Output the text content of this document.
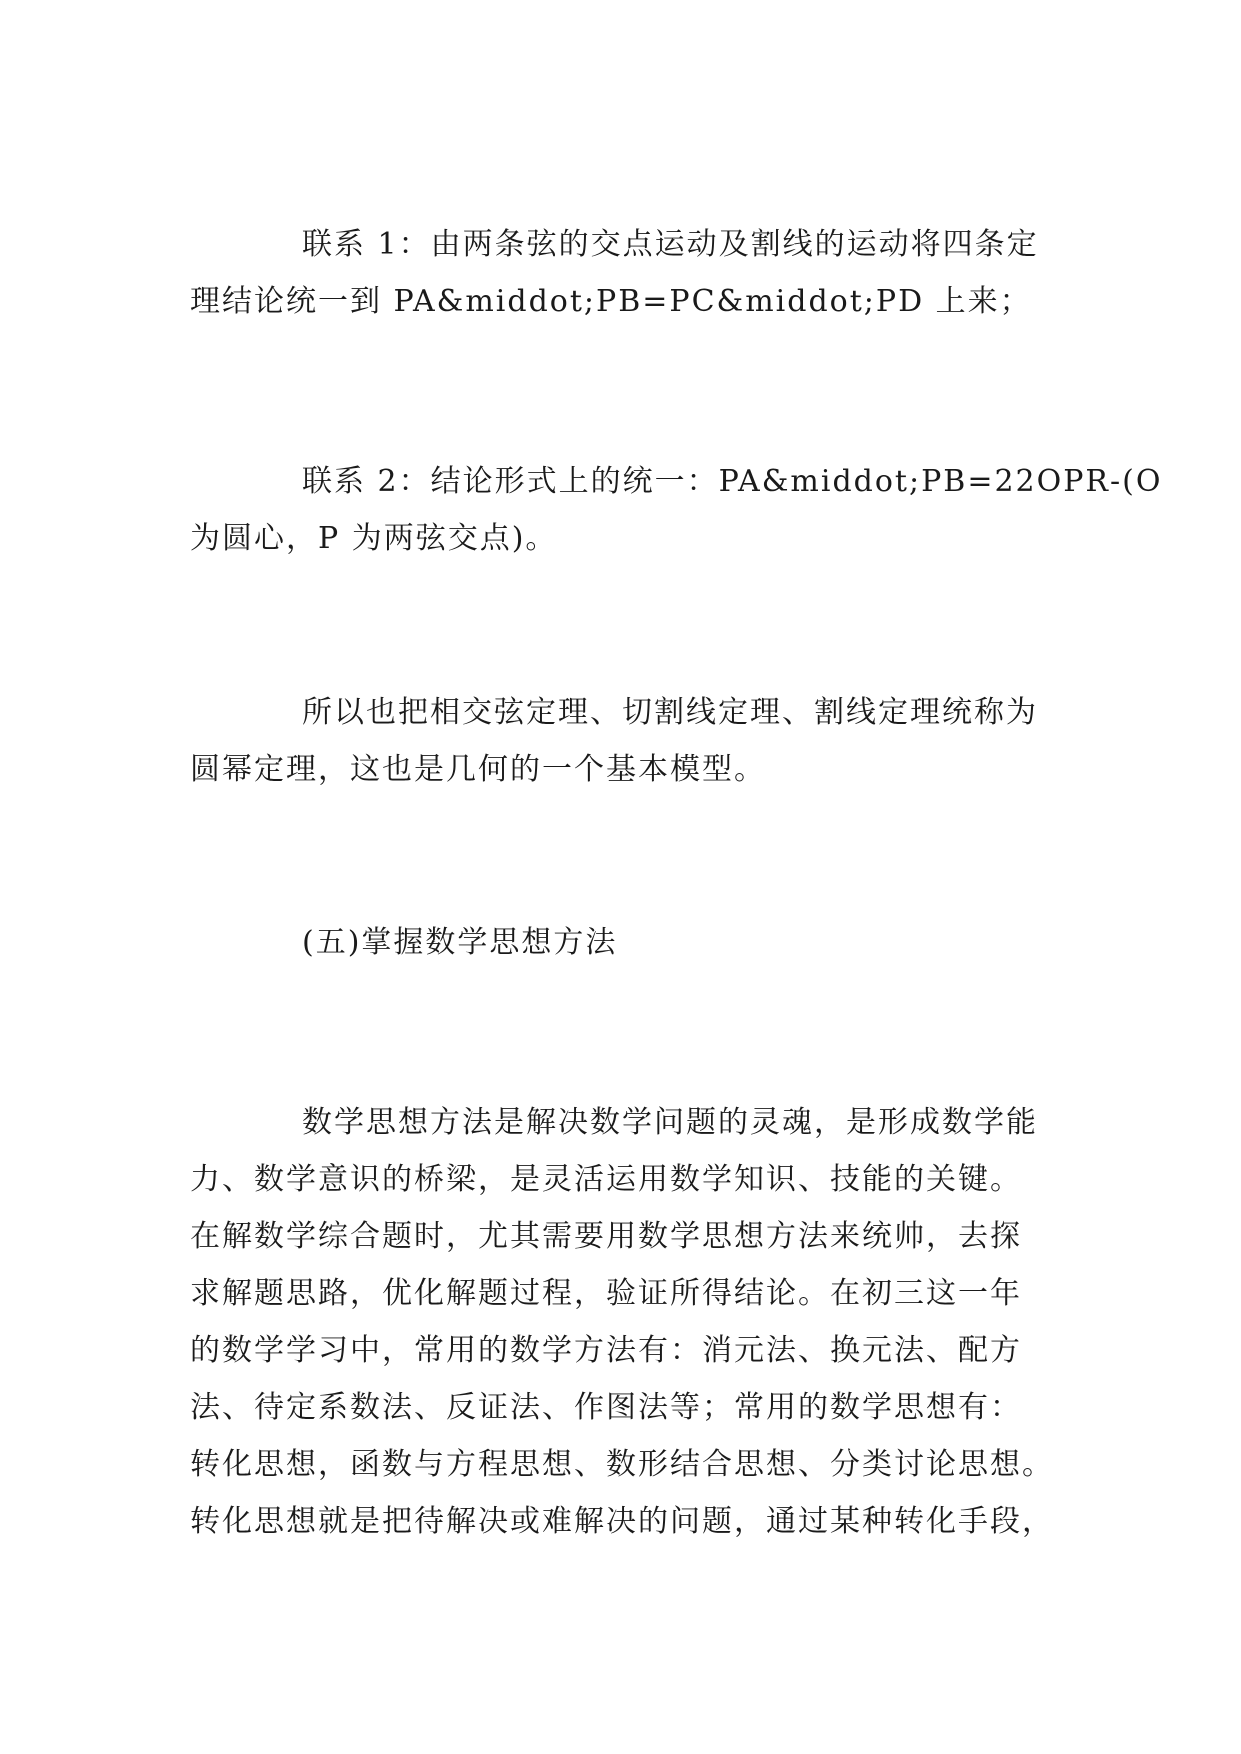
联系 1：由两条弦的交点运动及割线的运动将四条定
理结论统一到 PA&middot;PB=PC&middot;PD 上来；

联系 2：结论形式上的统一：PA&middot;PB=22OPR-(O
为圆心，P 为两弦交点)。

所以也把相交弦定理、切割线定理、割线定理统称为
圆幂定理，这也是几何的一个基本模型。

(五)掌握数学思想方法

数学思想方法是解决数学问题的灵魂，是形成数学能
力、数学意识的桥梁，是灵活运用数学知识、技能的关键。
在解数学综合题时，尤其需要用数学思想方法来统帅，去探
求解题思路，优化解题过程，验证所得结论。在初三这一年
的数学学习中，常用的数学方法有：消元法、换元法、配方
法、待定系数法、反证法、作图法等；常用的数学思想有：
转化思想，函数与方程思想、数形结合思想、分类讨论思想。
转化思想就是把待解决或难解决的问题，通过某种转化手段，
